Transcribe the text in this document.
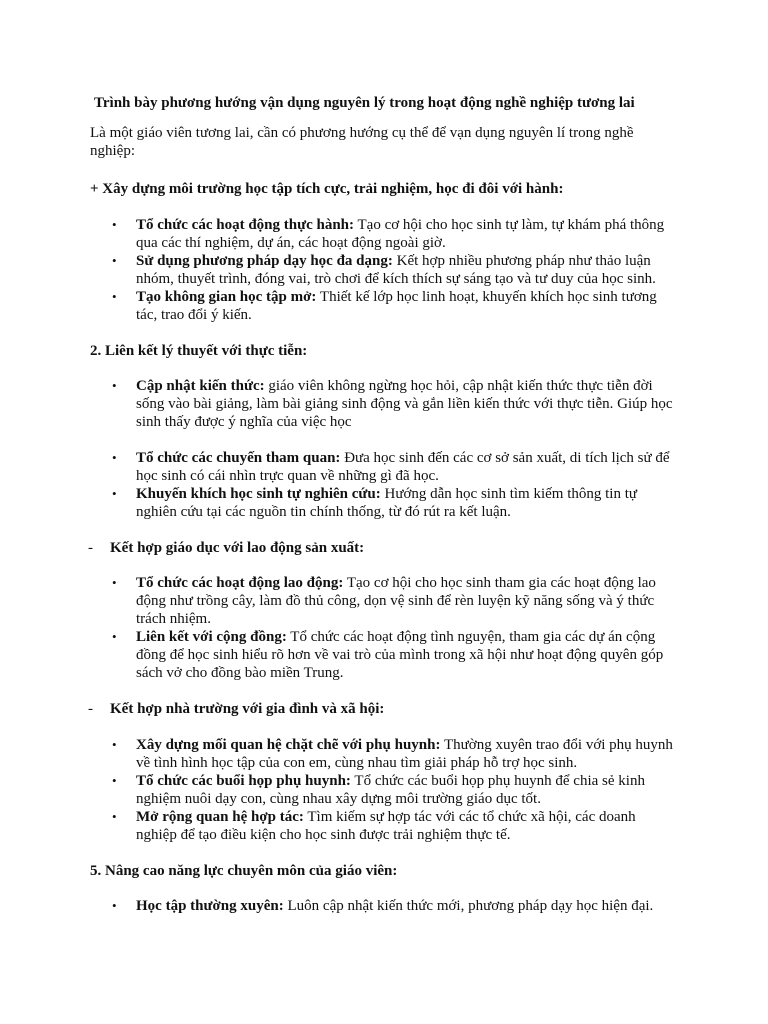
Trình bày phương hướng vận dụng nguyên lý trong hoạt động nghề nghiệp tương lai

Là một giáo viên tương lai, cần có phương hướng cụ thể để vạn dụng nguyên lí trong nghề nghiệp:

+ Xây dựng môi trường học tập tích cực, trải nghiệm, học đi đôi với hành:

• Tổ chức các hoạt động thực hành: Tạo cơ hội cho học sinh tự làm, tự khám phá thông qua các thí nghiệm, dự án, các hoạt động ngoài giờ.
• Sử dụng phương pháp dạy học đa dạng: Kết hợp nhiều phương pháp như thảo luận nhóm, thuyết trình, đóng vai, trò chơi để kích thích sự sáng tạo và tư duy của học sinh.
• Tạo không gian học tập mở: Thiết kế lớp học linh hoạt, khuyến khích học sinh tương tác, trao đổi ý kiến.

2. Liên kết lý thuyết với thực tiễn:

• Cập nhật kiến thức: giáo viên không ngừng học hỏi, cập nhật kiến thức thực tiễn đời sống vào bài giảng, làm bài giảng sinh động và gắn liền kiến thức với thực tiễn. Giúp học sinh thấy được ý nghĩa của việc học
• Tổ chức các chuyến tham quan: Đưa học sinh đến các cơ sở sản xuất, di tích lịch sử để học sinh có cái nhìn trực quan về những gì đã học.
• Khuyến khích học sinh tự nghiên cứu: Hướng dẫn học sinh tìm kiếm thông tin tự nghiên cứu tại các nguồn tin chính thống, từ đó rút ra kết luận.

- Kết hợp giáo dục với lao động sản xuất:

• Tổ chức các hoạt động lao động: Tạo cơ hội cho học sinh tham gia các hoạt động lao động như trồng cây, làm đồ thủ công, dọn vệ sinh để rèn luyện kỹ năng sống và ý thức trách nhiệm.
• Liên kết với cộng đồng: Tổ chức các hoạt động tình nguyện, tham gia các dự án cộng đồng để học sinh hiểu rõ hơn về vai trò của mình trong xã hội như hoạt động quyên góp sách vở cho đồng bào miền Trung.

- Kết hợp nhà trường với gia đình và xã hội:

• Xây dựng mối quan hệ chặt chẽ với phụ huynh: Thường xuyên trao đổi với phụ huynh về tình hình học tập của con em, cùng nhau tìm giải pháp hỗ trợ học sinh.
• Tổ chức các buổi họp phụ huynh: Tổ chức các buổi họp phụ huynh để chia sẻ kinh nghiệm nuôi dạy con, cùng nhau xây dựng môi trường giáo dục tốt.
• Mở rộng quan hệ hợp tác: Tìm kiếm sự hợp tác với các tổ chức xã hội, các doanh nghiệp để tạo điều kiện cho học sinh được trải nghiệm thực tế.

5. Nâng cao năng lực chuyên môn của giáo viên:

• Học tập thường xuyên: Luôn cập nhật kiến thức mới, phương pháp dạy học hiện đại.
